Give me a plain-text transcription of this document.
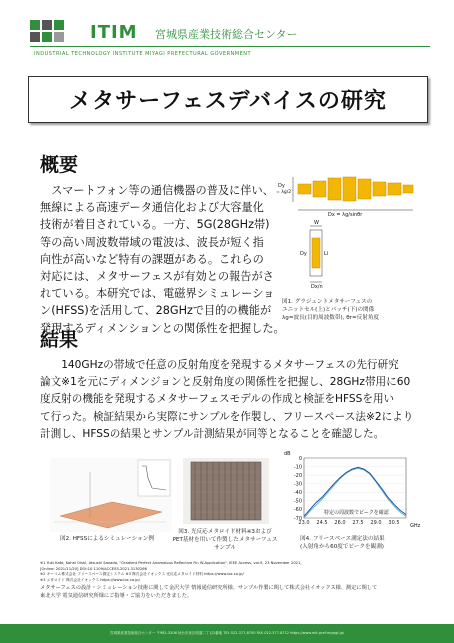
ITIM 宮城県産業技術総合センター
INDUSTRIAL TECHNOLOGY INSTITUTE MIYAGI PREFECTURAL GOVERNMENT
メタサーフェスデバイスの研究
概要
スマートフォン等の通信機器の普及に伴い、
無線による高速データ通信化および大容量化
技術が着目されている。一方、5G(28GHz帯)
等の高い周波数帯域の電波は、波長が短く指
向性が高いなど特有の課題がある。これらの
対応には、メタサーフェスが有効との報告がさ
れている。本研究では、電磁界シミュレーショ
ン(HFSS)を活用して、28GHzで目的の機能が
発現するディメンションとの関係性を把握した。
Dy
= λg/2
Dx = λg/sinθr
W
Li
Dy
Dx/n
図1. グラジェントメタサーフェスの
ユニットセル(上)とパッチ(下)の関係
λg=波長(目的周波数帯), θr=反射角度
結果
140GHzの帯域で任意の反射角度を発現するメタサーフェスの先行研究
論文※1を元にディメンジョンと反射角度の関係性を把握し、28GHz帯用に60
度反射の機能を発現するメタサーフェスモデルの作成と検証をHFSSを用い
て行った。検証結果から実際にサンプルを作製し、フリースペース法※2により
計測し、HFSSの結果とサンプル計測結果が同等となることを確認した。
図2. HFSSによるシミュレーション例
図3. 光反応メタロイド材料※3および
PET基材を用いて作製したメタサーフェス
サンプル
0
-10
-20
-30
-40
-50
-60
-70
23.0 24.5 26.0 27.5 29.0 30.5
dB
GHz
特定の周波数でピークを確認
図4. フリースペース測定法の結果
(入射角から60度でピークを観測)
※1 Yuki Kato, Kohei Oishi, Atsushi Sanada, "Gradient Perfect Anomalous Reflective Fin W-Application", IEEE Access, vol.9, 23 November 2021,
[Online: 2021/11/20] DOI:10.1109/ACCESS.2021.3130266
※2 キーコム株式会社 フリースペース測定システム ※3 株式会社イオックス 光反応メタロイド材料 https://www.iox.co.jp/
※3 メタロイド 株式会社イオックス https://www.iox.co.jp/
メタサーフェスの設計・シミュレーション技術に関して金沢大学 情報通信研究所様、サンプル作製に関して株式会社イオックス様、測定に関して
東北大学 電気通信研究所様にご指導・ご協力をいただきました。
宮城県産業技術総合センター 〒981-3206 仙台市泉区明通二丁目2番地 TEL 022-377-8700 FAX 022-377-8712 https://www.mit.pref.miyagi.jp/
